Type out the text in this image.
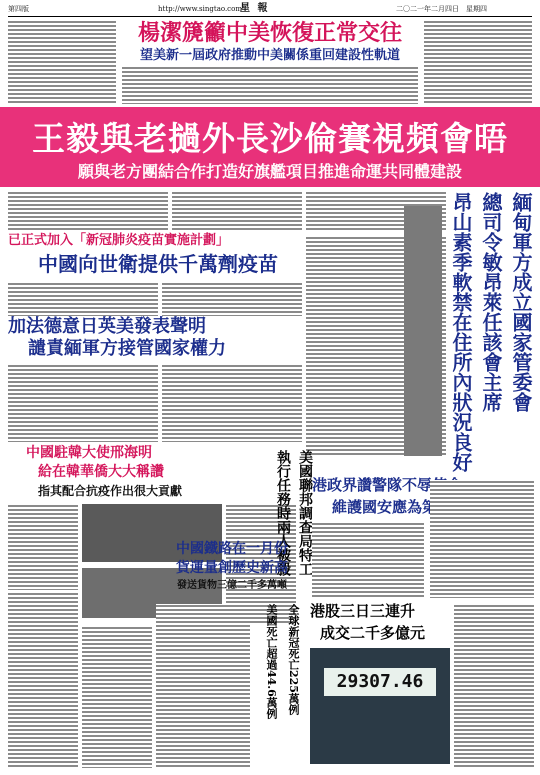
第四版	http://www.singtao.com
星 報	二〇二一年二月四日　星期四
楊潔篪籲中美恢復正常交往
望美新一屆政府推動中美關係重回建設性軌道
王毅與老撾外長沙倫賽視頻會晤
願與老方團結合作打造好旗艦項目推進命運共同體建設
已正式加入「新冠肺炎疫苗實施計劃」
中國向世衛提供千萬劑疫苗
加法德意日英美發表聲明
譴責緬軍方接管國家權力
中國駐韓大使邢海明
給在韓華僑大大稱讚
指其配合抗疫作出很大貢獻	美國聯邦調查局特工
執行任務時兩人被殺
中國鐵路在一月份
貨運量創歷史新高
發送貨物三億二千多萬噸
全球新冠死亡225萬例
美國死亡超過44.6萬例
緬甸軍方成立國家管委會
總司令敏昂萊任該會主席
昂山素季軟禁在住所內狀況良好
港政界讚警隊不辱使命
維護國安應為第一要務
港股三日三連升
成交二千多億元
29307.46
